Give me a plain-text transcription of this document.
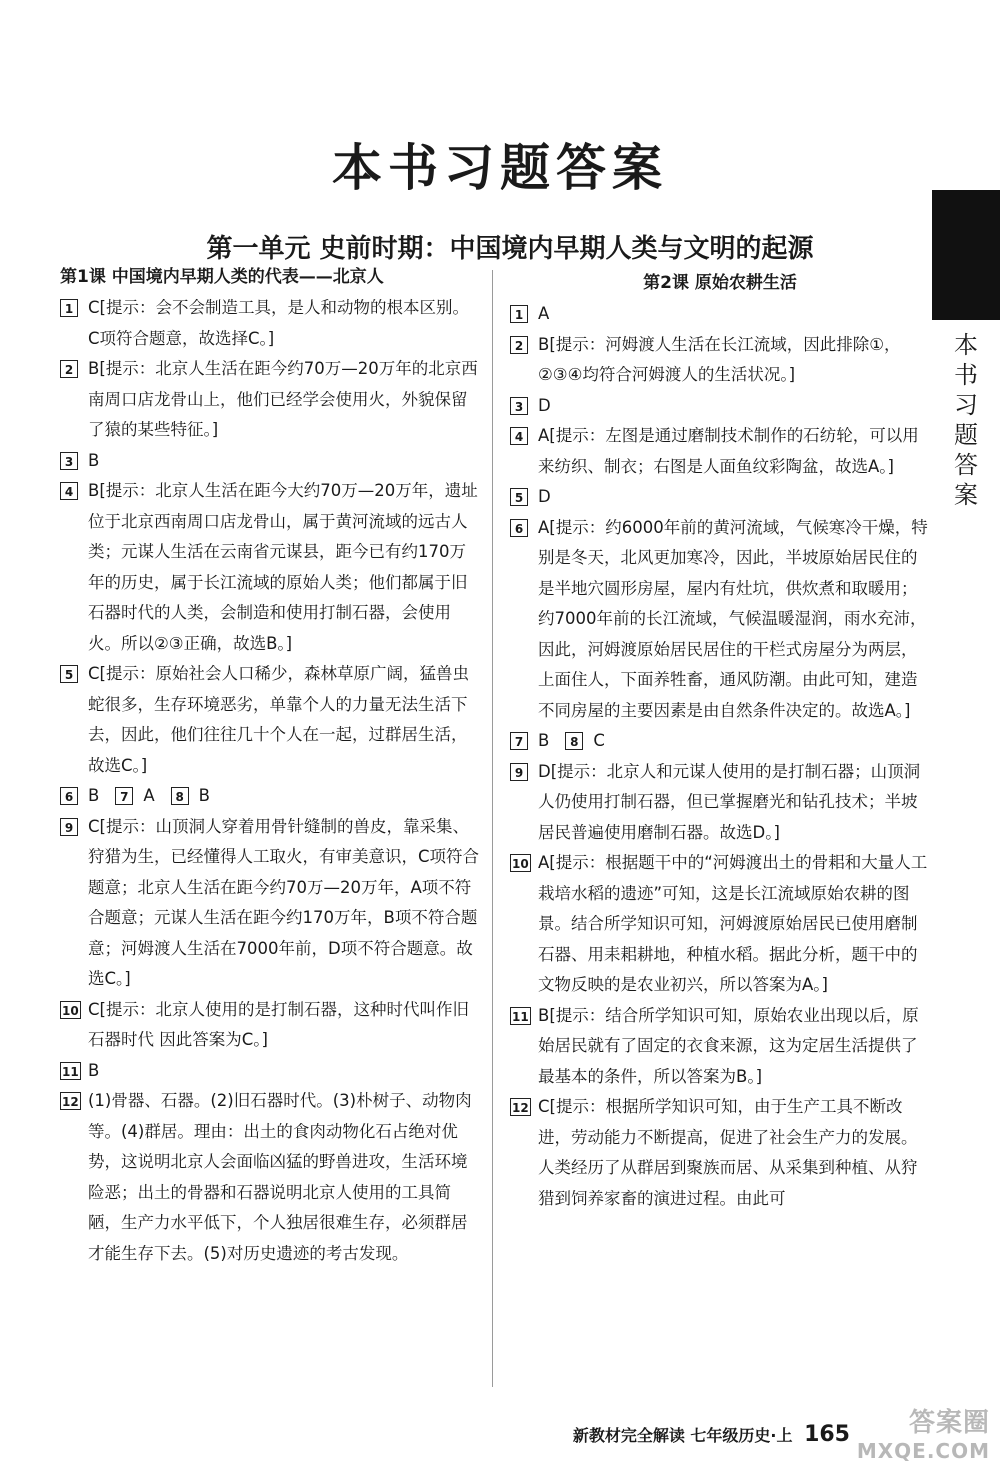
本书习题答案
第一单元 史前时期：中国境内早期人类与文明的起源
本
书
习
题
答
案
第1课 中国境内早期人类的代表——北京人
1 C[提示：会不会制造工具，是人和动物的根本区别。C项符合题意，故选择C。]
2 B[提示：北京人生活在距今约70万—20万年的北京西南周口店龙骨山上，他们已经学会使用火，外貌保留了猿的某些特征。]
3 B
4 B[提示：北京人生活在距今大约70万—20万年，遗址位于北京西南周口店龙骨山，属于黄河流域的远古人类；元谋人生活在云南省元谋县，距今已有约170万年的历史，属于长江流域的原始人类；他们都属于旧石器时代的人类，会制造和使用打制石器，会使用火。所以②③正确，故选B。]
5 C[提示：原始社会人口稀少，森林草原广阔，猛兽虫蛇很多，生存环境恶劣，单靠个人的力量无法生活下去，因此，他们往往几十个人在一起，过群居生活，故选C。]
6 B	7 A	8 B
9 C[提示：山顶洞人穿着用骨针缝制的兽皮，靠采集、狩猎为生，已经懂得人工取火，有审美意识，C项符合题意；北京人生活在距今约70万—20万年，A项不符合题意；元谋人生活在距今约170万年，B项不符合题意；河姆渡人生活在7000年前，D项不符合题意。故选C。]
10 C[提示：北京人使用的是打制石器，这种时代叫作旧石器时代 因此答案为C。]
11 B
12 (1)骨器、石器。(2)旧石器时代。(3)朴树子、动物肉等。(4)群居。理由：出土的食肉动物化石占绝对优势，这说明北京人会面临凶猛的野兽进攻，生活环境险恶；出土的骨器和石器说明北京人使用的工具简陋，生产力水平低下，个人独居很难生存，必须群居才能生存下去。(5)对历史遗迹的考古发现。
第2课 原始农耕生活
1 A
2 B[提示：河姆渡人生活在长江流域，因此排除①，②③④均符合河姆渡人的生活状况。]
3 D
4 A[提示：左图是通过磨制技术制作的石纺轮，可以用来纺织、制衣；右图是人面鱼纹彩陶盆，故选A。]
5 D
6 A[提示：约6000年前的黄河流域，气候寒冷干燥，特别是冬天，北风更加寒冷，因此，半坡原始居民住的是半地穴圆形房屋，屋内有灶坑，供炊煮和取暖用；约7000年前的长江流域，气候温暖湿润，雨水充沛，因此，河姆渡原始居民居住的干栏式房屋分为两层，上面住人，下面养牲畜，通风防潮。由此可知，建造不同房屋的主要因素是由自然条件决定的。故选A。]
7 B	8 C
9 D[提示：北京人和元谋人使用的是打制石器；山顶洞人仍使用打制石器，但已掌握磨光和钻孔技术；半坡居民普遍使用磨制石器。故选D。]
10 A[提示：根据题干中的“河姆渡出土的骨耜和大量人工栽培水稻的遗迹”可知，这是长江流域原始农耕的图景。结合所学知识可知，河姆渡原始居民已使用磨制石器、用耒耜耕地，种植水稻。据此分析，题干中的文物反映的是农业初兴，所以答案为A。]
11 B[提示：结合所学知识可知，原始农业出现以后，原始居民就有了固定的衣食来源，这为定居生活提供了最基本的条件，所以答案为B。]
12 C[提示：根据所学知识可知，由于生产工具不断改进，劳动能力不断提高，促进了社会生产力的发展。人类经历了从群居到聚族而居、从采集到种植、从狩猎到饲养家畜的演进过程。由此可
新教材完全解读 七年级历史·上 165	答案圈
MXQE.COM
